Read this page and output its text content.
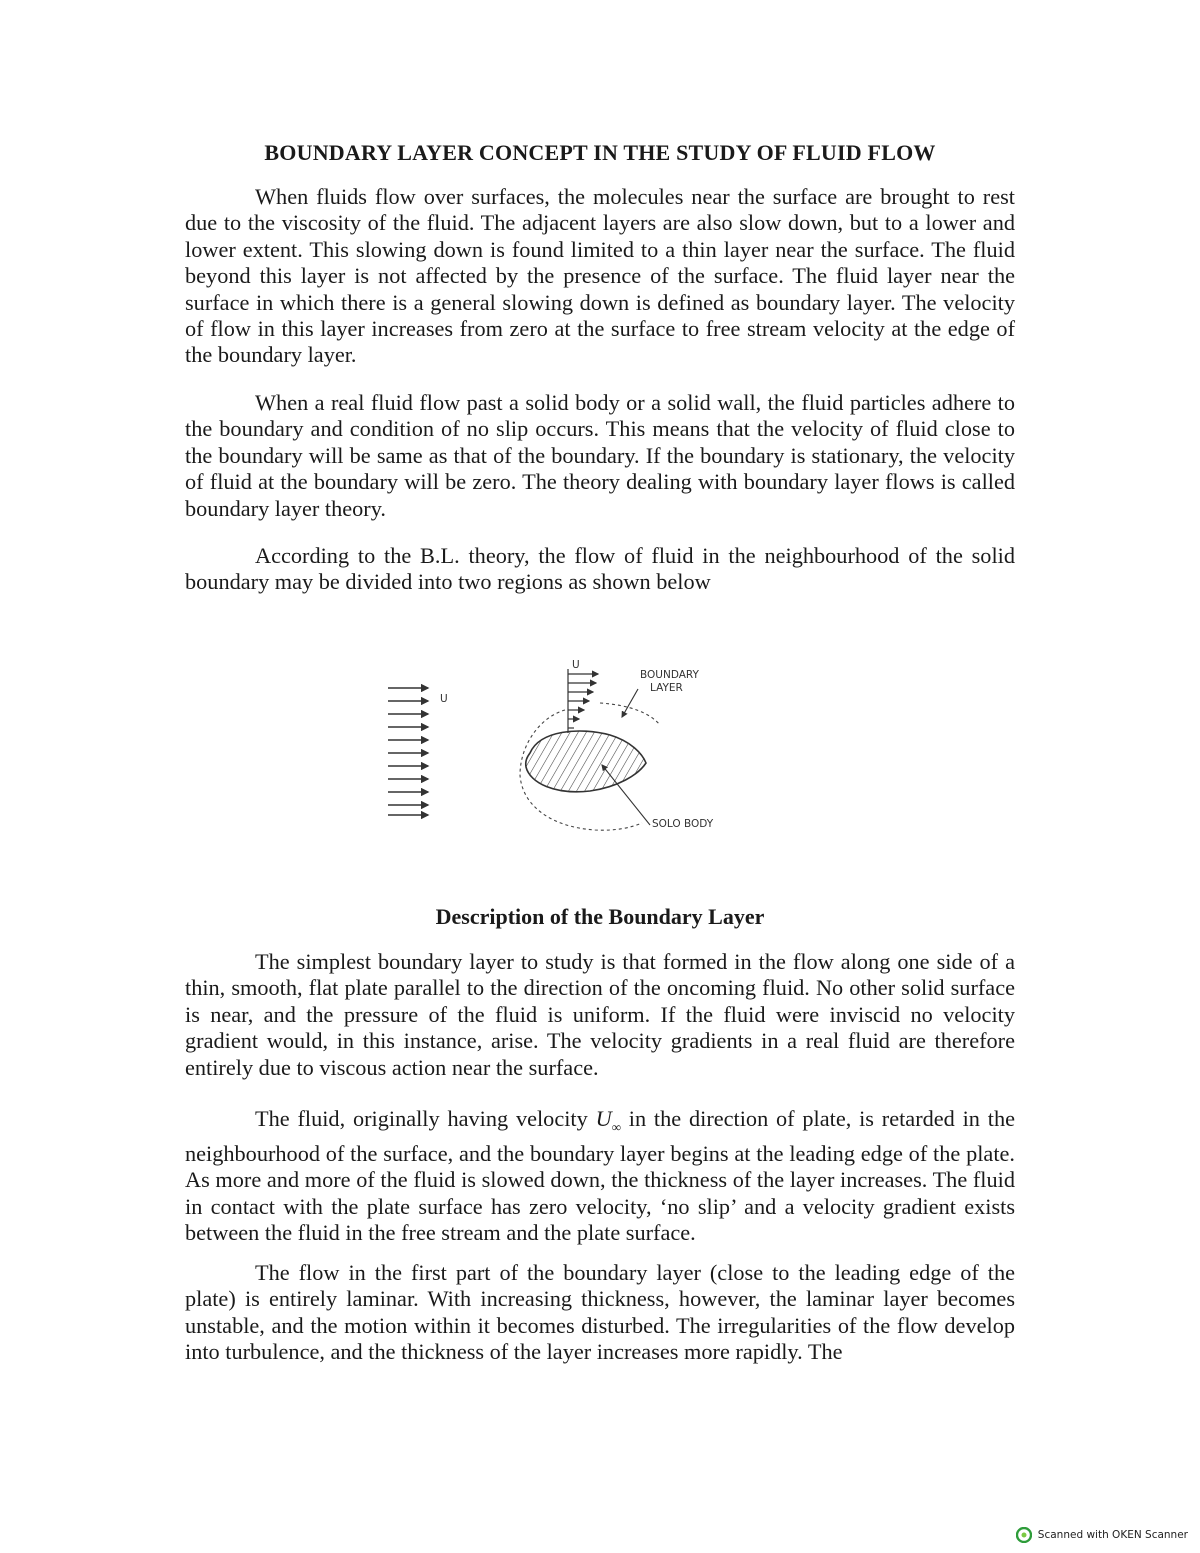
BOUNDARY LAYER CONCEPT IN THE STUDY OF FLUID FLOW

When fluids flow over surfaces, the molecules near the surface are brought to rest due to the viscosity of the fluid. The adjacent layers are also slow down, but to a lower and lower extent. This slowing down is found limited to a thin layer near the surface. The fluid beyond this layer is not affected by the presence of the surface. The fluid layer near the surface in which there is a general slowing down is defined as boundary layer. The velocity of flow in this layer increases from zero at the surface to free stream velocity at the edge of the boundary layer.

When a real fluid flow past a solid body or a solid wall, the fluid particles adhere to the boundary and condition of no slip occurs. This means that the velocity of fluid close to the boundary will be same as that of the boundary. If the boundary is stationary, the velocity of fluid at the boundary will be zero. The theory dealing with boundary layer flows is called boundary layer theory.

According to the B.L. theory, the flow of fluid in the neighbourhood of the solid boundary may be divided into two regions as shown below

U
U
BOUNDARY
LAYER
SOLO BODY
Description of the Boundary Layer

The simplest boundary layer to study is that formed in the flow along one side of a thin, smooth, flat plate parallel to the direction of the oncoming fluid. No other solid surface is near, and the pressure of the fluid is uniform. If the fluid were inviscid no velocity gradient would, in this instance, arise. The velocity gradients in a real fluid are therefore entirely due to viscous action near the surface.

The fluid, originally having velocity $U_\infty$ in the direction of plate, is retarded in the neighbourhood of the surface, and the boundary layer begins at the leading edge of the plate. As more and more of the fluid is slowed down, the thickness of the layer increases. The fluid in contact with the plate surface has zero velocity, ‘no slip’ and a velocity gradient exists between the fluid in the free stream and the plate surface.

The flow in the first part of the boundary layer (close to the leading edge of the plate) is entirely laminar. With increasing thickness, however, the laminar layer becomes unstable, and the motion within it becomes disturbed. The irregularities of the flow develop into turbulence, and the thickness of the layer increases more rapidly. The

Scanned with OKEN Scanner
